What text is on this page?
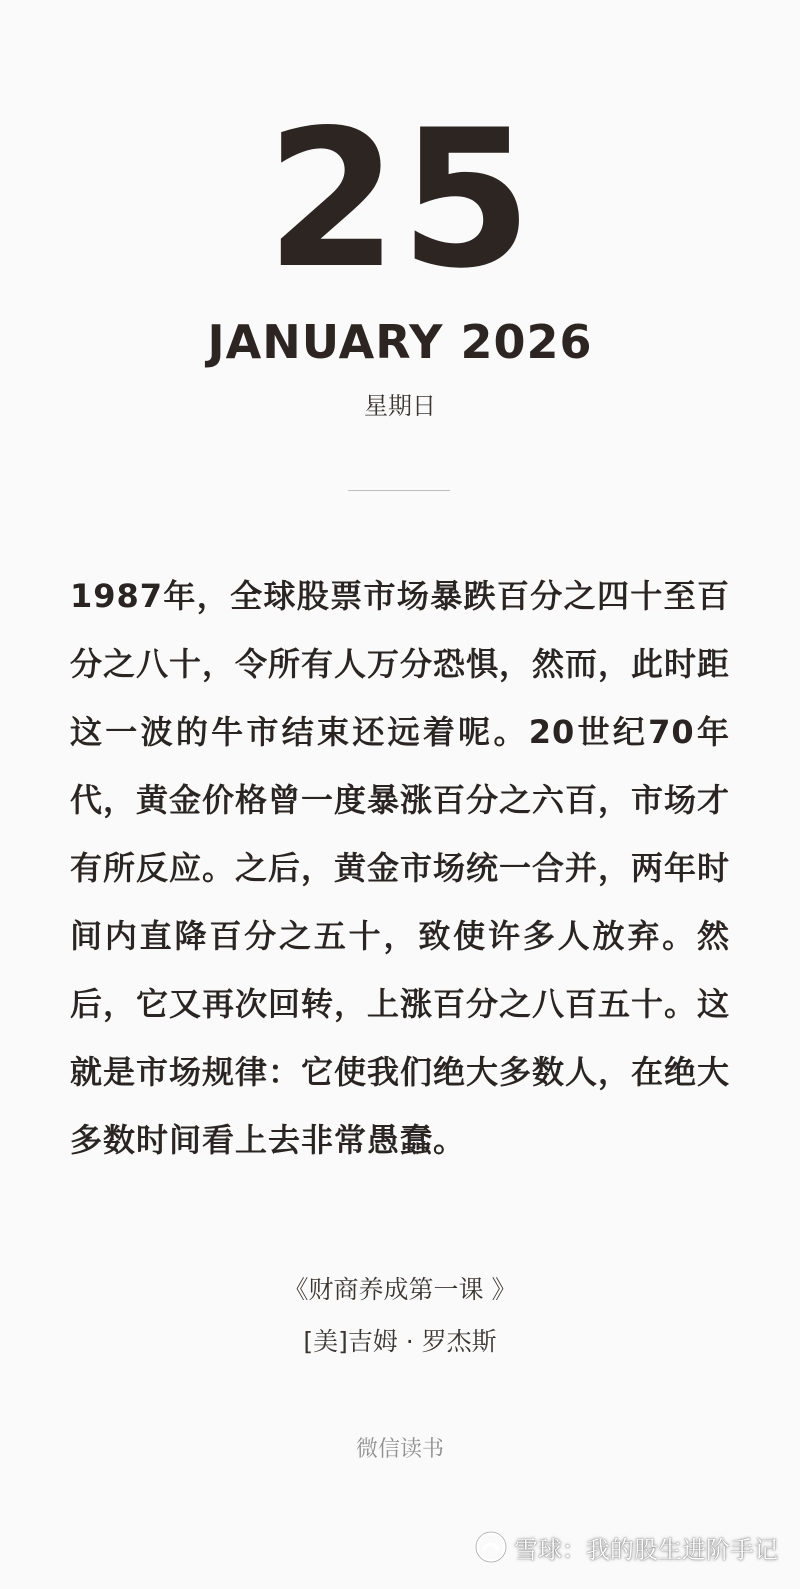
25
JANUARY 2026
星期日
1987年，全球股票市场暴跌百分之四十至百分之八十，令所有人万分恐惧，然而，此时距这一波的牛市结束还远着呢。20世纪70年代，黄金价格曾一度暴涨百分之六百，市场才有所反应。之后，黄金市场统一合并，两年时间内直降百分之五十，致使许多人放弃。然后，它又再次回转，上涨百分之八百五十。这就是市场规律：它使我们绝大多数人，在绝大多数时间看上去非常愚蠢。
《财商养成第一课 》
[美]吉姆 · 罗杰斯
微信读书
雪球：我的股生进阶手记
